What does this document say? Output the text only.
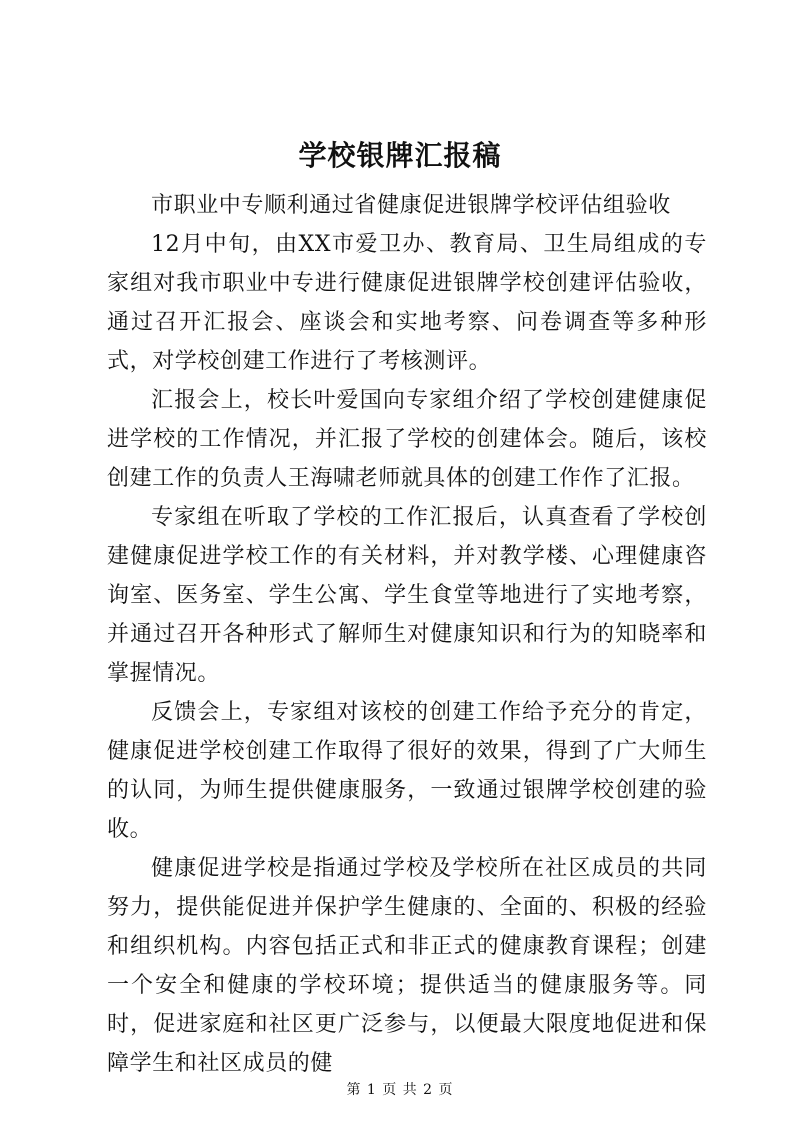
学校银牌汇报稿

市职业中专顺利通过省健康促进银牌学校评估组验收

12月中旬，由XX市爱卫办、教育局、卫生局组成的专家组对我市职业中专进行健康促进银牌学校创建评估验收，通过召开汇报会、座谈会和实地考察、问卷调查等多种形式，对学校创建工作进行了考核测评。

汇报会上，校长叶爱国向专家组介绍了学校创建健康促进学校的工作情况，并汇报了学校的创建体会。随后，该校创建工作的负责人王海啸老师就具体的创建工作作了汇报。

专家组在听取了学校的工作汇报后，认真查看了学校创建健康促进学校工作的有关材料，并对教学楼、心理健康咨询室、医务室、学生公寓、学生食堂等地进行了实地考察，并通过召开各种形式了解师生对健康知识和行为的知晓率和掌握情况。

反馈会上，专家组对该校的创建工作给予充分的肯定，健康促进学校创建工作取得了很好的效果，得到了广大师生的认同，为师生提供健康服务，一致通过银牌学校创建的验收。

健康促进学校是指通过学校及学校所在社区成员的共同努力，提供能促进并保护学生健康的、全面的、积极的经验和组织机构。内容包括正式和非正式的健康教育课程；创建一个安全和健康的学校环境；提供适当的健康服务等。同时，促进家庭和社区更广泛参与，以便最大限度地促进和保障学生和社区成员的健

第 1 页 共 2 页
